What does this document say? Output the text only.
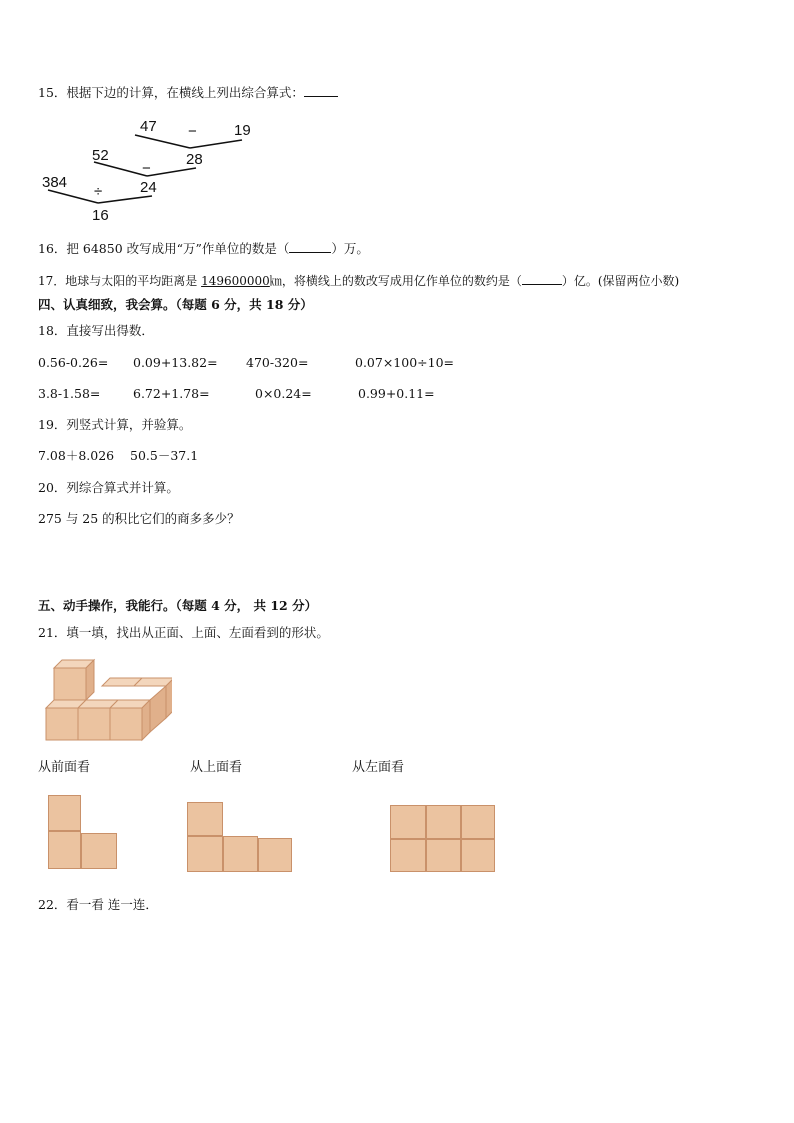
15．根据下边的计算，在横线上列出综合算式：
47 − 19
28
52
−
24
384
÷
16
16．把 64850 改写成用“万”作单位的数是（	）万。
17．地球与太阳的平均距离是 149600000㎞，将横线上的数改写成用亿作单位的数约是（	）亿。(保留两位小数)
四、认真细致，我会算。（每题 6 分，共 18 分）
18．直接写出得数．
0.56-0.26= 0.09+13.82= 470-320=	0.07×100÷10=
3.8-1.58=	6.72+1.78=	0×0.24=	0.99+0.11=
19．列竖式计算，并验算。
7.08＋8.026 50.5－37.1
20．列综合算式并计算。
275 与 25 的积比它们的商多多少？
五、动手操作，我能行。（每题 4 分， 共 12 分）
21．填一填，找出从正面、上面、左面看到的形状。
从前面看	从上面看	从左面看
22．看一看 连一连．
